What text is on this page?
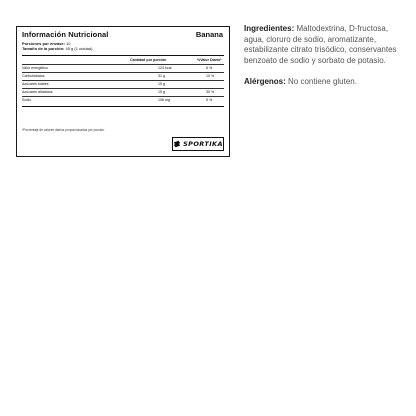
Información Nutricional	Banana
Porciones por envase: 10
Tamaño de la porción: 45 g (1 unidad)
Cantidad por porción	%Valor Diario*
Valor energético	124 kcal	6 %
Carbohidratos	31 g	10 %
Azúcares totales	15 g
Azúcares añadidos	15 g	30 %
Sodio	106 mg	5 %
*Porcentaje de valores diarios proporcionados por porción.
SPORTIKA

Ingredientes: Maltodextrina, D-fructosa, agua, cloruro de sodio, aromatizante, estabilizante citrato trisódico, conservantes benzoato de sodio y sorbato de potasio.

Alérgenos: No contiene gluten.
